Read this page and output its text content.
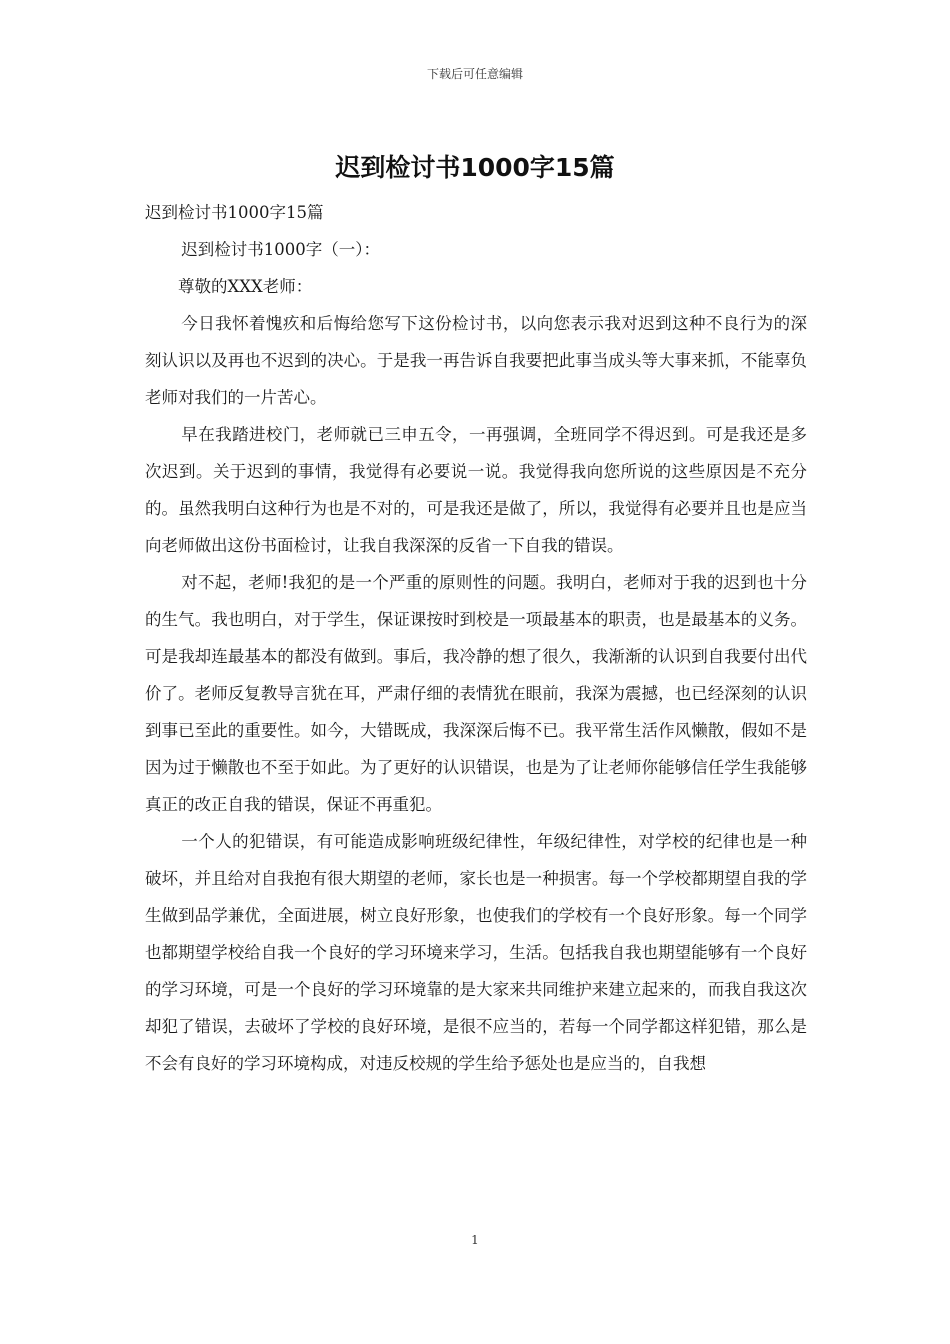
下载后可任意编辑
迟到检讨书1000字15篇

迟到检讨书1000字15篇

迟到检讨书1000字（一）：

尊敬的XXX老师：

今日我怀着愧疚和后悔给您写下这份检讨书，以向您表示我对迟到这种不良行为的深刻认识以及再也不迟到的决心。于是我一再告诉自我要把此事当成头等大事来抓，不能辜负老师对我们的一片苦心。

早在我踏进校门，老师就已三申五令，一再强调，全班同学不得迟到。可是我还是多次迟到。关于迟到的事情，我觉得有必要说一说。我觉得我向您所说的这些原因是不充分的。虽然我明白这种行为也是不对的，可是我还是做了，所以，我觉得有必要并且也是应当向老师做出这份书面检讨，让我自我深深的反省一下自我的错误。

对不起，老师!我犯的是一个严重的原则性的问题。我明白，老师对于我的迟到也十分的生气。我也明白，对于学生，保证课按时到校是一项最基本的职责，也是最基本的义务。可是我却连最基本的都没有做到。事后，我冷静的想了很久，我渐渐的认识到自我要付出代价了。老师反复教导言犹在耳，严肃仔细的表情犹在眼前，我深为震撼，也已经深刻的认识到事已至此的重要性。如今，大错既成，我深深后悔不已。我平常生活作风懒散，假如不是因为过于懒散也不至于如此。为了更好的认识错误，也是为了让老师你能够信任学生我能够真正的改正自我的错误，保证不再重犯。

一个人的犯错误，有可能造成影响班级纪律性，年级纪律性，对学校的纪律也是一种破坏，并且给对自我抱有很大期望的老师，家长也是一种损害。每一个学校都期望自我的学生做到品学兼优，全面进展，树立良好形象，也使我们的学校有一个良好形象。每一个同学也都期望学校给自我一个良好的学习环境来学习，生活。包括我自我也期望能够有一个良好的学习环境，可是一个良好的学习环境靠的是大家来共同维护来建立起来的，而我自我这次却犯了错误，去破坏了学校的良好环境，是很不应当的，若每一个同学都这样犯错，那么是不会有良好的学习环境构成，对违反校规的学生给予惩处也是应当的，自我想

1
